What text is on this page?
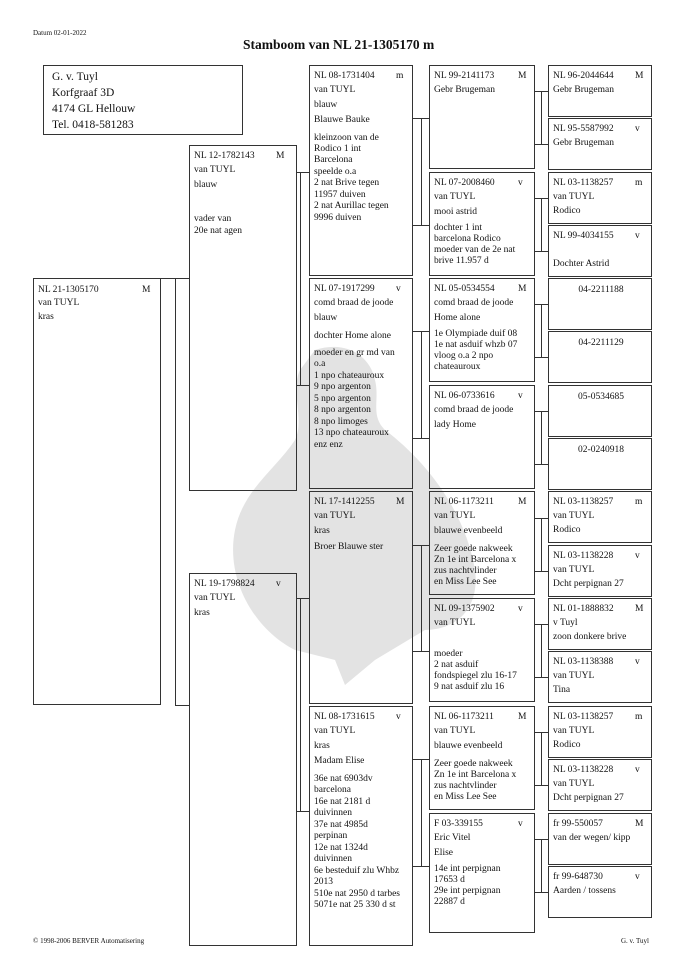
Datum 02-01-2022
Stamboom van NL 21-1305170 m
G. v. Tuyl
Korfgraaf 3D
4174 GL Hellouw
Tel. 0418-581283
NL 21-1305170	M
van TUYL
kras
NL 12-1782143 M
van TUYL
blauw
vader van
20e nat agen
NL 19-1798824 v
van TUYL
kras
NL 08-1731404 m
van TUYL
blauw
Blauwe Bauke
kleinzoon van de
Rodico 1 int
Barcelona
speelde o.a
2 nat Brive tegen
11957 duiven
2 nat Aurillac tegen
9996 duiven
NL 07-1917299 v
comd braad de joode
blauw
dochter Home alone
moeder en gr md van
o.a
1 npo chateauroux
9 npo argenton
5 npo argenton
8 npo argenton
8 npo limoges
13 npo chateauroux
enz enz
NL 17-1412255 M
van TUYL
kras
Broer Blauwe ster
NL 08-1731615 v
van TUYL
kras
Madam Elise
36e nat 6903dv
barcelona
16e nat 2181 d
duivinnen
37e nat 4985d
perpinan
12e nat 1324d
duivinnen
6e besteduif zlu Whbz
2013
510e nat 2950 d tarbes
5071e nat 25 330 d st
NL 99-2141173	M
Gebr Brugeman
NL 07-2008460 v
van TUYL
mooi astrid
dochter 1 int
barcelona Rodico
moeder van de 2e nat
brive 11.957 d
NL 05-0534554 M
comd braad de joode
Home alone
1e Olympiade duif 08
1e nat asduif whzb 07
vloog o.a 2 npo
chateauroux
NL 06-0733616 v
comd braad de joode
lady Home
NL 06-1173211	M
van TUYL
blauwe evenbeeld
Zeer goede nakweek
Zn 1e int Barcelona x
zus nachtvlinder
en Miss Lee See
NL 09-1375902 v
van TUYL
moeder
2 nat asduif
fondspiegel zlu 16-17
9 nat asduif zlu 16
NL 06-1173211	M
van TUYL
blauwe evenbeeld
Zeer goede nakweek
Zn 1e int Barcelona x
zus nachtvlinder
en Miss Lee See
F 03-339155	v
Eric Vitel
Elise
14e int perpignan
17653 d
29e int perpignan
22887 d
NL 96-2044644 M
Gebr Brugeman
NL 95-5587992 v
Gebr Brugeman
NL 03-1138257 m
van TUYL
Rodico
NL 99-4034155 v
Dochter Astrid
04-2211188
04-2211129
05-0534685
02-0240918
NL 03-1138257 m
van TUYL
Rodico
NL 03-1138228 v
van TUYL
Dcht perpignan 27
NL 01-1888832 M
v Tuyl
zoon donkere brive
NL 03-1138388 v
van TUYL
Tina
NL 03-1138257 m
van TUYL
Rodico
NL 03-1138228 v
van TUYL
Dcht perpignan 27
fr 99-550057	M
van der wegen/ kipp
fr 99-648730	v
Aarden / tossens
© 1998-2006 BERVER Automatisering	G. v. Tuyl
